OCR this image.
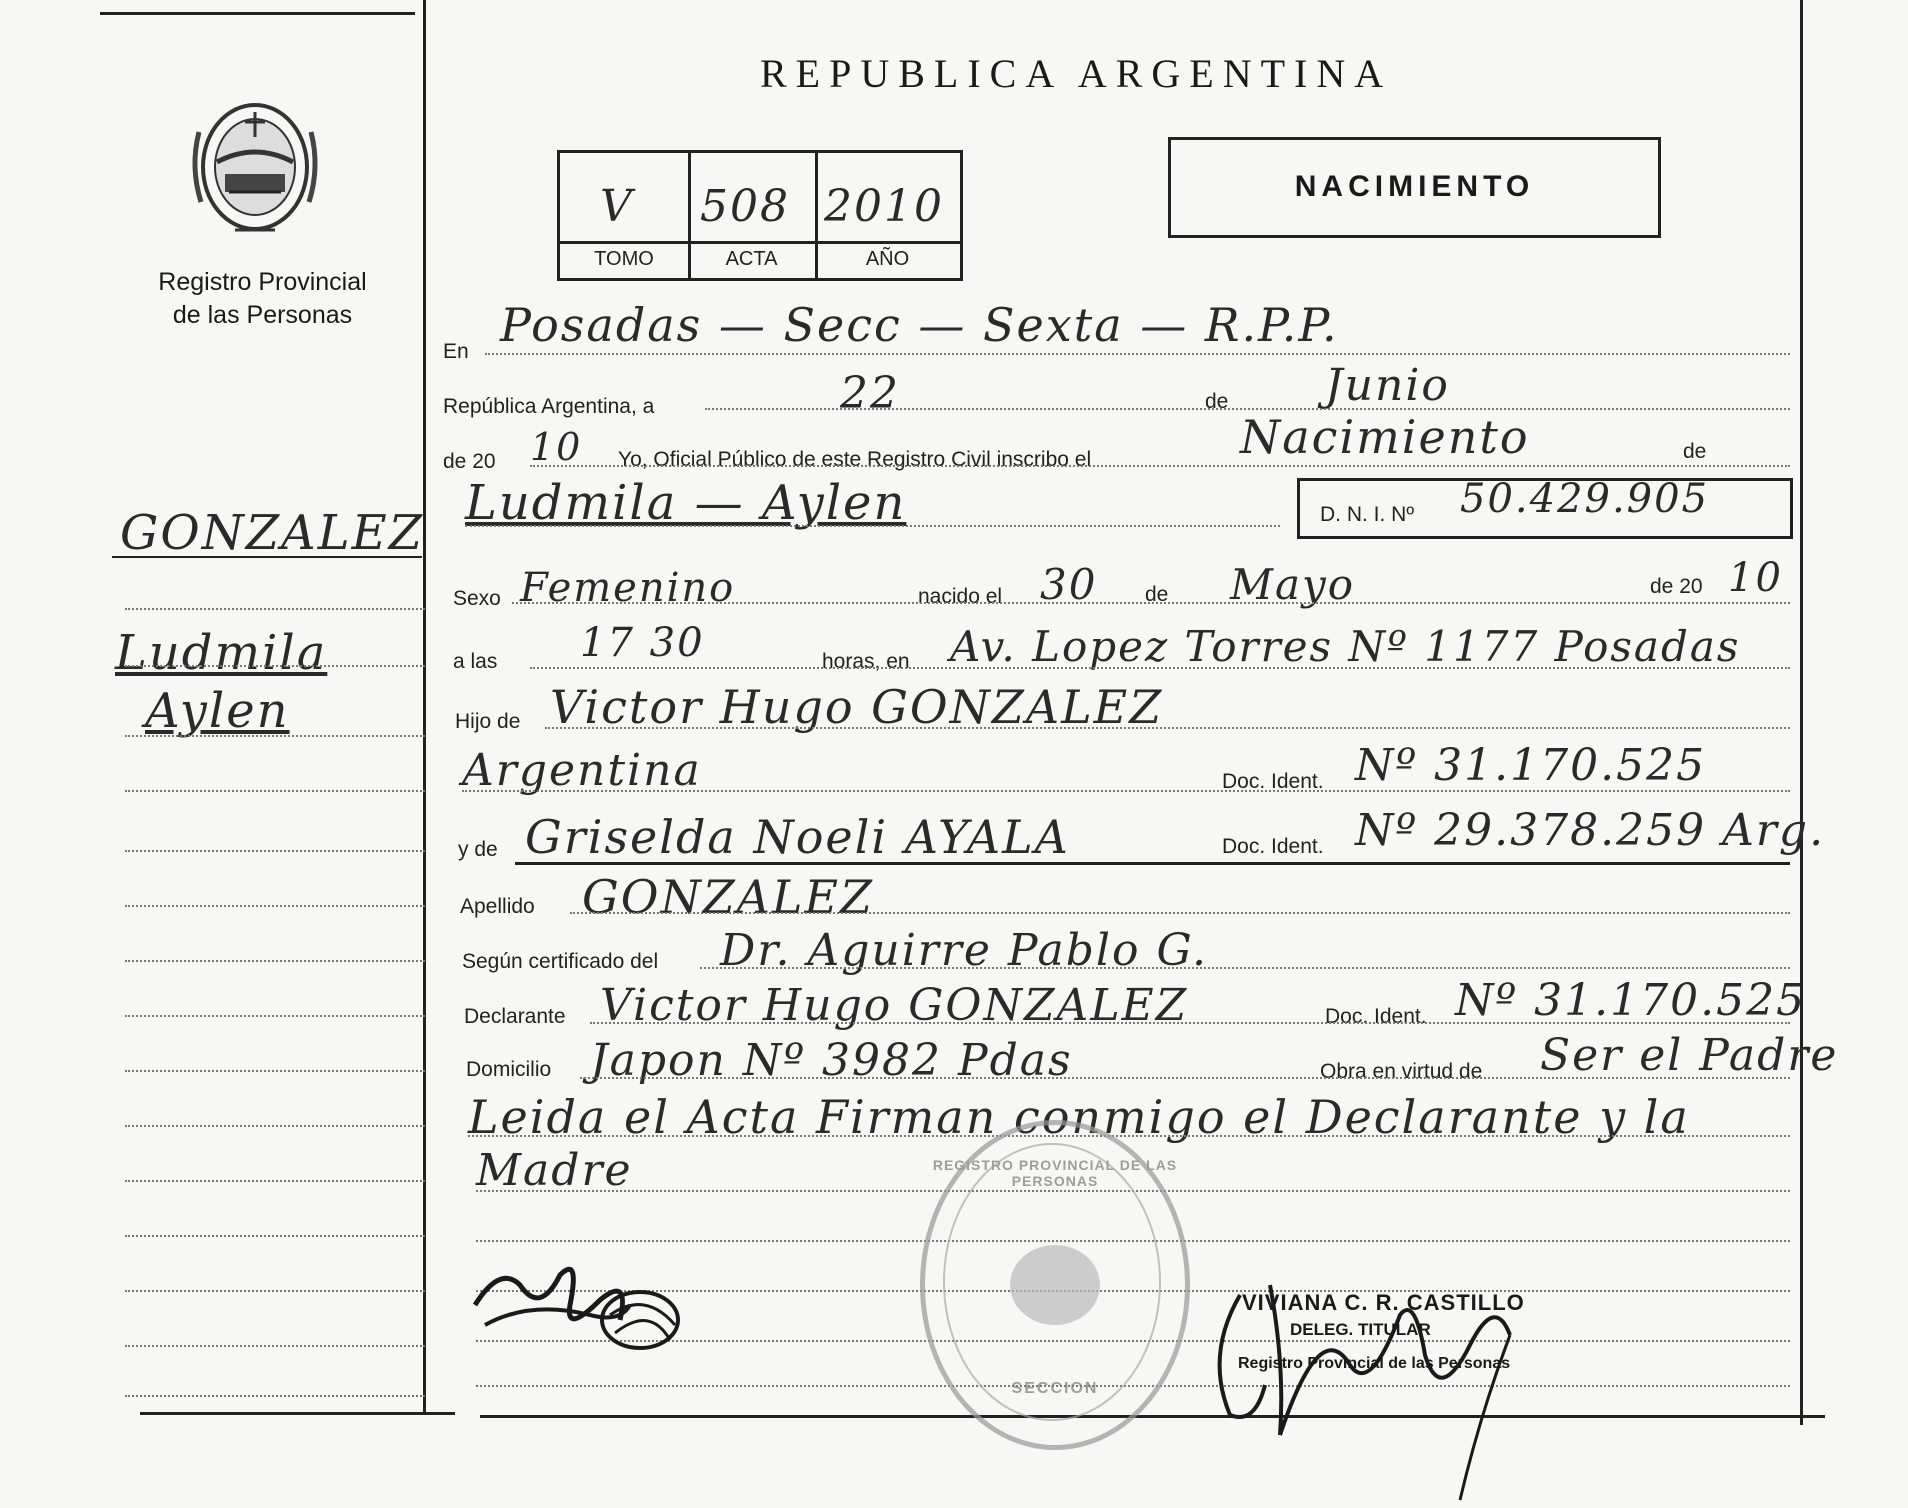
REPUBLICA ARGENTINA
Registro Provincial
de las Personas
V 508 2010
TOMO	ACTA	AÑO
NACIMIENTO
GONZALEZ
Ludmila
Aylen
En Posadas — Secc — Sexta — R.P.P.
República Argentina, a	22	de Junio
de 20 10 Yo, Oficial Público de este Registro Civil inscribo el	Nacimiento	de
Ludmila — Aylen	D. N. I. Nº 50.429.905
Sexo Femenino	nacido el 30 de Mayo	de 20 10
a las 17 30	horas, en Av. Lopez Torres Nº 1177 Posadas
Hijo de Victor Hugo GONZALEZ
Argentina	Doc. Ident. Nº 31.170.525
y de Griselda Noeli AYALA	Doc. Ident. Nº 29.378.259 Arg.
Apellido GONZALEZ
Según certificado del Dr. Aguirre Pablo G.
Declarante Victor Hugo GONZALEZ	Doc. Ident. Nº 31.170.525
Domicilio Japon Nº 3982 Pdas	Obra en virtud de Ser el Padre
Leida el Acta Firman conmigo el Declarante y la
Madre	REGISTRO PROVINCIAL DE LAS PERSONAS
SECCION
VIVIANA C. R. CASTILLO
DELEG. TITULAR
Registro Provincial de las Personas
